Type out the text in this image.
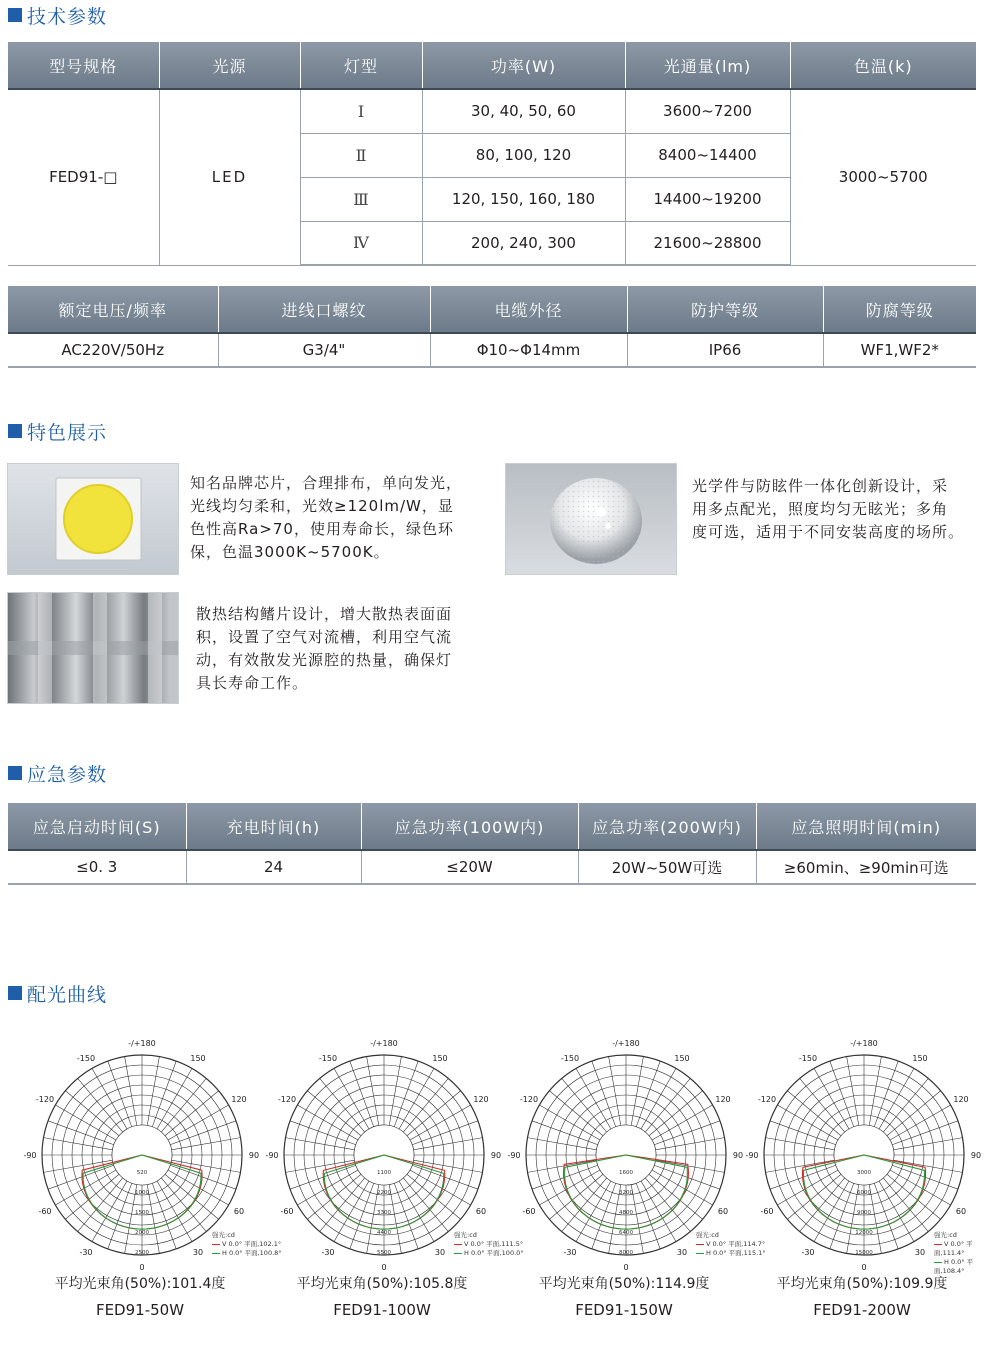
技术参数
型号规格	光源	灯型	功率(W)	光通量(lm)	色温(k)
FED91-□	LED	Ⅰ	30, 40, 50, 60	3600~7200	3000~5700
		Ⅱ	80, 100, 120	8400~14400	
		Ⅲ	120, 150, 160, 180	14400~19200	
		Ⅳ	200, 240, 300	21600~28800	
额定电压/频率	进线口螺纹	电缆外径	防护等级	防腐等级
AC220V/50Hz	G3/4"	Φ10~Φ14mm	IP66	WF1,WF2*
特色展示
知名品牌芯片，合理排布，单向发光，
光线均匀柔和，光效≥120lm/W，显
色性高Ra>70，使用寿命长，绿色环
保，色温3000K~5700K。
光学件与防眩件一体化创新设计，采
用多点配光，照度均匀无眩光；多角
度可选，适用于不同安装高度的场所。
散热结构鳍片设计，增大散热表面面
积，设置了空气对流槽，利用空气流
动，有效散发光源腔的热量，确保灯
具长寿命工作。
应急参数
应急启动时间(S)	充电时间(h)	应急功率(100W内)	应急功率(200W内)	应急照明时间(min)
≤0. 3	24	≤20W	20W~50W可选	≥60min、≥90min可选
配光曲线
520
1000
1500
2000
2500
-/+180
150
120
90
60
30
0
-30
-60
-90
-120
-150
强光:cd
V 0.0° 平面,102.1°
H 0.0° 平面,100.8°
平均光束角(50%):101.4度
FED91-50W
1100
2200
3300
4400
5500
-/+180
150
120
90
60
30
0
-30
-60
-90
-120
-150
强光:cd
V 0.0° 平面,111.5°
H 0.0° 平面,100.0°
平均光束角(50%):105.8度
FED91-100W
1600
3200
4800
6400
8000
-/+180
150
120
90
60
30
0
-30
-60
-90
-120
-150
强光:cd
V 0.0° 平面,114.7°
H 0.0° 平面,115.1°
平均光束角(50%):114.9度
FED91-150W
3000
6000
9000
12000
15000
-/+180
150
120
90
60
30
0
-30
-60
-90
-120
-150
强光:cd
V 0.0° 平面,111.4°
H 0.0° 平面,108.4°
平均光束角(50%):109.9度
FED91-200W
